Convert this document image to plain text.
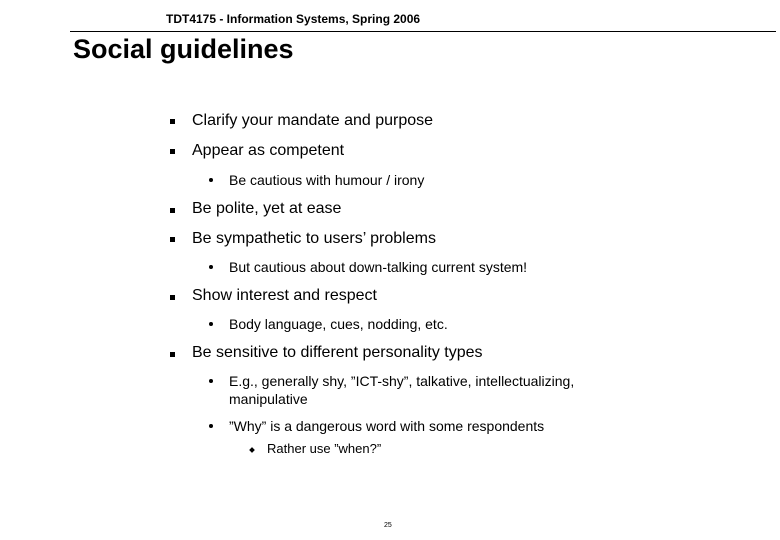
TDT4175 - Information Systems, Spring 2006
Social guidelines
Clarify your mandate and purpose
Appear as competent
Be cautious with humour / irony
Be polite, yet at ease
Be sympathetic to users’ problems
But cautious about down-talking current system!
Show interest and respect
Body language, cues, nodding, etc.
Be sensitive to different personality types
E.g., generally shy, ”ICT-shy”, talkative, intellectualizing, manipulative
”Why” is a dangerous word with some respondents
Rather use ”when?”
25
